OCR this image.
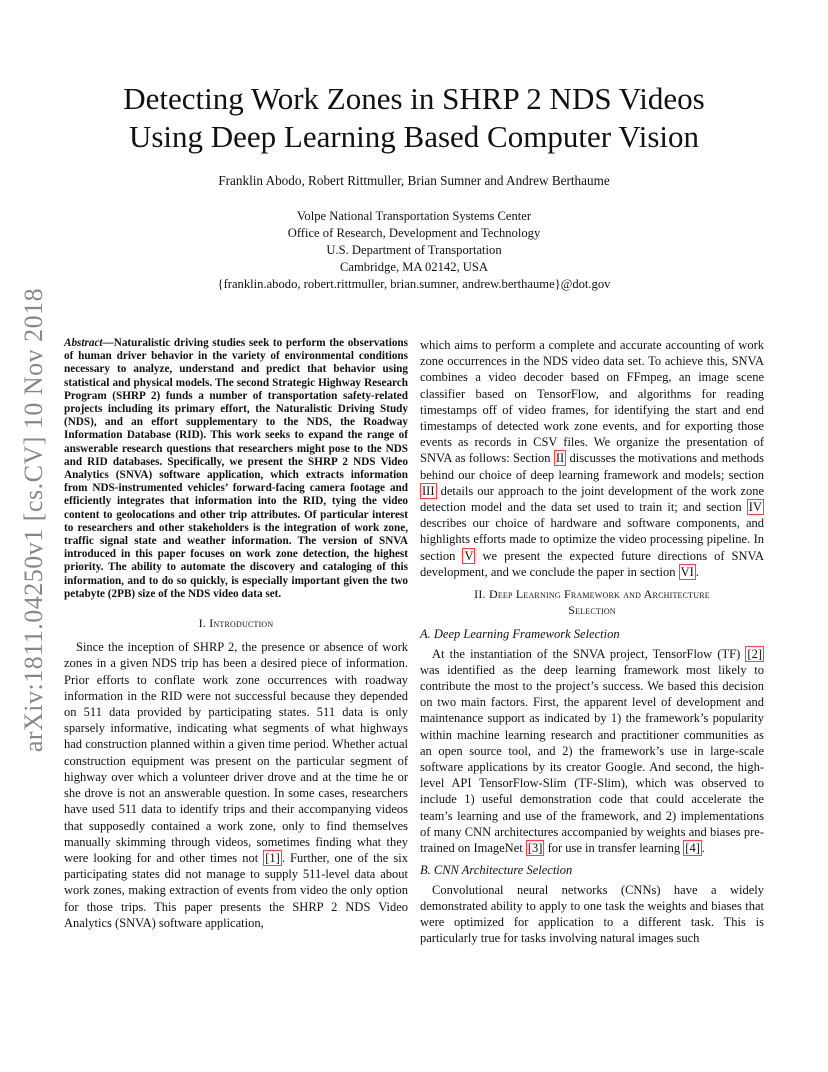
arXiv:1811.04250v1 [cs.CV] 10 Nov 2018
Detecting Work Zones in SHRP 2 NDS Videos
Using Deep Learning Based Computer Vision
Franklin Abodo, Robert Rittmuller, Brian Sumner and Andrew Berthaume
Volpe National Transportation Systems Center
Office of Research, Development and Technology
U.S. Department of Transportation
Cambridge, MA 02142, USA
{franklin.abodo, robert.rittmuller, brian.sumner, andrew.berthaume}@dot.gov
Abstract—Naturalistic driving studies seek to perform the observations of human driver behavior in the variety of environmental conditions necessary to analyze, understand and predict that behavior using statistical and physical models. The second Strategic Highway Research Program (SHRP 2) funds a number of transportation safety-related projects including its primary effort, the Naturalistic Driving Study (NDS), and an effort supplementary to the NDS, the Roadway Information Database (RID). This work seeks to expand the range of answerable research questions that researchers might pose to the NDS and RID databases. Specifically, we present the SHRP 2 NDS Video Analytics (SNVA) software application, which extracts information from NDS-instrumented vehicles’ forward-facing camera footage and efficiently integrates that information into the RID, tying the video content to geolocations and other trip attributes. Of particular interest to researchers and other stakeholders is the integration of work zone, traffic signal state and weather information. The version of SNVA introduced in this paper focuses on work zone detection, the highest priority. The ability to automate the discovery and cataloging of this information, and to do so quickly, is especially important given the two petabyte (2PB) size of the NDS video data set.
I. Introduction

Since the inception of SHRP 2, the presence or absence of work zones in a given NDS trip has been a desired piece of information. Prior efforts to conflate work zone occurrences with roadway information in the RID were not successful because they depended on 511 data provided by participating states. 511 data is only sparsely informative, indicating what segments of what highways had construction planned within a given time period. Whether actual construction equipment was present on the particular segment of highway over which a volunteer driver drove and at the time he or she drove is not an answerable question. In some cases, researchers have used 511 data to identify trips and their accompanying videos that supposedly contained a work zone, only to find themselves manually skimming through videos, sometimes finding what they were looking for and other times not [1] . Further, one of the six participating states did not manage to supply 511-level data about work zones, making extraction of events from video the only option for those trips. This paper presents the SHRP 2 NDS Video Analytics (SNVA) software application,

which aims to perform a complete and accurate accounting of work zone occurrences in the NDS video data set. To achieve this, SNVA combines a video decoder based on FFmpeg, an image scene classifier based on TensorFlow, and algorithms for reading timestamps off of video frames, for identifying the start and end timestamps of detected work zone events, and for exporting those events as records in CSV files. We organize the presentation of SNVA as follows: Section II discusses the motivations and methods behind our choice of deep learning framework and models; section III details our approach to the joint development of the work zone detection model and the data set used to train it; and section IV describes our choice of hardware and software components, and highlights efforts made to optimize the video processing pipeline. In section V we present the expected future directions of SNVA development, and we conclude the paper in section VI .

II. Deep Learning Framework and Architecture
Selection
A. Deep Learning Framework Selection

At the instantiation of the SNVA project, TensorFlow (TF) [2] was identified as the deep learning framework most likely to contribute the most to the project’s success. We based this decision on two main factors. First, the apparent level of development and maintenance support as indicated by 1) the framework’s popularity within machine learning research and practitioner communities as an open source tool, and 2) the framework’s use in large-scale software applications by its creator Google. And second, the high-level API TensorFlow-Slim (TF-Slim), which was observed to include 1) useful demonstration code that could accelerate the team’s learning and use of the framework, and 2) implementations of many CNN architectures accompanied by weights and biases pre-trained on ImageNet [3] for use in transfer learning [4] .

B. CNN Architecture Selection

Convolutional neural networks (CNNs) have a widely demonstrated ability to apply to one task the weights and biases that were optimized for application to a different task. This is particularly true for tasks involving natural images such
